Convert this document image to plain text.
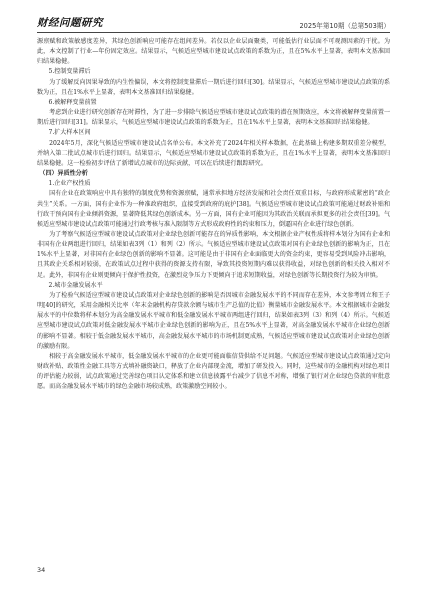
财经问题研究	2025年第10期（总第503期）

源禀赋和政策敏感度差异，其绿色创新响应可能存在组间差异。若仅以企业层面聚类，可能低估行业层面不可观测因素的干扰。为此，本文控制了行业—年份固定效应。结果显示，气候适应型城市建设试点政策的系数为正，且在5%水平上显著，表明本文基准回归结果稳健。

5.控制变量滞后

为了缓解反向因果导致的内生性偏误，本文将控制变量滞后一期后进行回归[30]。结果显示，气候适应型城市建设试点政策的系数为正，且在1%水平上显著，表明本文基准回归结果稳健。

6.被解释变量前置

考虑到企业进行研究创新存在时滞性，为了进一步排除气候适应型城市建设试点政策的潜在预期效应，本文将被解释变量前置一期后进行回归[31]。结果显示，气候适应型城市建设试点政策的系数为正，且在1%水平上显著，表明本文基准回归结果稳健。

7.扩大样本区间

2024年5月，深化气候适应型城市建设试点名单公布。本文补充了2024年相关样本数据，在此基础上构建多期双重差分模型，并纳入第二批试点城市后进行回归。结果显示，气候适应型城市建设试点政策的系数为正，且在1%水平上显著，表明本文基准回归结果稳健。这一检验初步评估了新增试点城市的边际贡献，可以在后续进行跟踪研究。

（四）异质性分析
1.企业产权性质

国有企业在政策响应中具有独特的制度优势和资源禀赋，通常承担地方经济发展和社会责任双重目标，与政府形成紧密的“政企共生”关系。一方面，国有企业作为一种准政府组织，直接受到政府的庇护[38]。气候适应型城市建设试点政策可能通过财政补贴和行政干预向国有企业倾斜资源，显著降低其绿色创新成本。另一方面，国有企业可能因为其政治关联而承担更多的社会责任[39]。气候适应型城市建设试点政策可能通过行政考核与准入限制等方式形成政府性的约束和压力，倒逼国有企业进行绿色创新。

为了考察气候适应型城市建设试点政策对企业绿色创新可能存在的异质性影响，本文根据企业产权性质将样本划分为国有企业和非国有企业两组进行回归，结果如表3列（1）和列（2）所示。气候适应型城市建设试点政策对国有企业绿色创新的影响为正，且在1%水平上显著，对非国有企业绿色创新的影响不显著。这可能是由于非国有企业面临更大的资金约束，更容易受到风险冲击影响，且其政企关系相对较弱，在政策试点过程中获得的资源支持有限，导致其投资短期内难以获得收益，对绿色创新的相关投入相对不足。此外，非国有企业则更倾向于保护性投资，在激烈竞争压力下更倾向于追求短期收益，对绿色创新等长期投资行为较为审慎。

2.城市金融发展水平

为了检验气候适应型城市建设试点政策对企业绿色创新的影响是否因城市金融发展水平的不同而存在差异，本文参考周立和王子明[40]的研究，采用金融相关比率（年末金融机构存贷款余额与城市生产总值的比值）衡量城市金融发展水平。本文根据城市金融发展水平的中位数将样本划分为高金融发展水平城市和低金融发展水平城市两组进行回归，结果如表3列（3）和列（4）所示。气候适应型城市建设试点政策对低金融发展水平城市企业绿色创新的影响为正，且在5%水平上显著，对高金融发展水平城市企业绿色创新的影响不显著。相较于低金融发展水平城市，高金融发展水平城市的市场机制更成熟，气候适应型城市建设试点政策对企业绿色创新的激励有限。

相较于高金融发展水平城市，低金融发展水平城市的企业更可能面临信贷供给不足问题。气候适应型城市建设试点政策通过定向财政补贴、政策性金融工具等方式填补融资缺口，释放了企业内部现金流，增加了研发投入。同时，这些城市的金融机构对绿色项目的评估能力较弱，试点政策通过完善绿色项目认定体系和建立信息披露平台减少了信息不对称，增强了银行对企业绿色贷款的审批意愿。而高金融发展水平城市的绿色金融市场较成熟，政策激励空间较小。

34
